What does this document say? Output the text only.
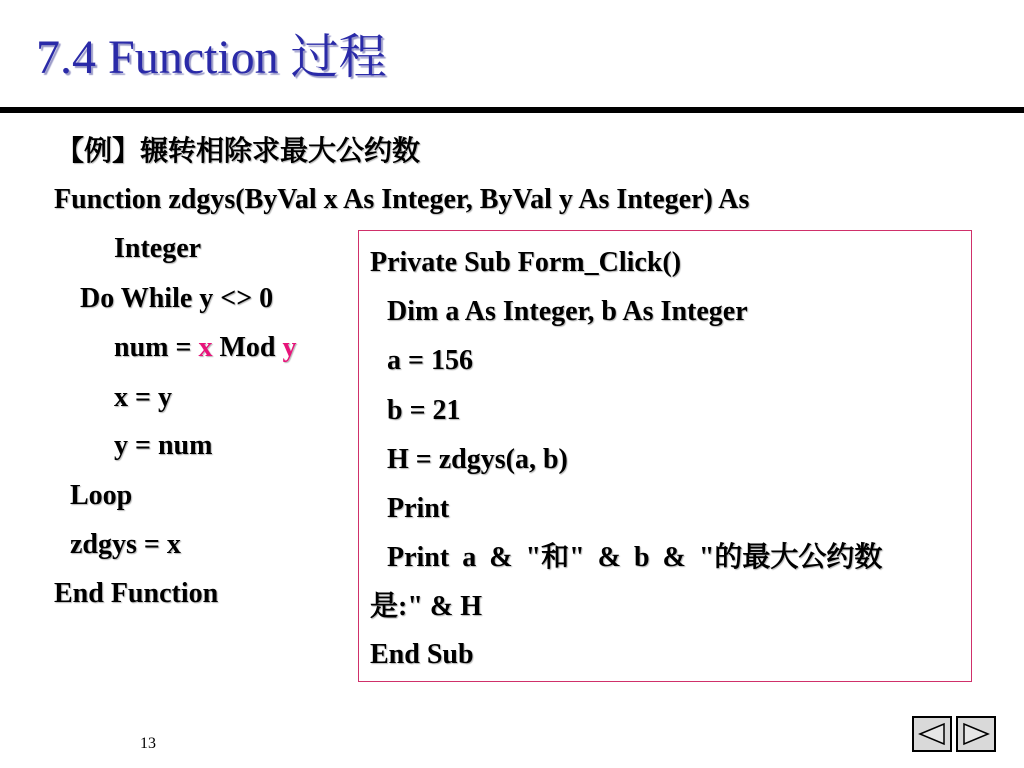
7.4 Function 过程
【例】辗转相除求最大公约数
Function zdgys(ByVal x As Integer, ByVal y As Integer) As
Integer
Do While y <> 0
num = x Mod y
x = y
y = num
Loop
zdgys = x
End Function
Private Sub Form_Click()
Dim a As Integer, b As Integer
a = 156
b = 21
H = zdgys(a, b)
Print
Print a & "和" & b & "的最大公约数
是:" & H
End Sub
13
